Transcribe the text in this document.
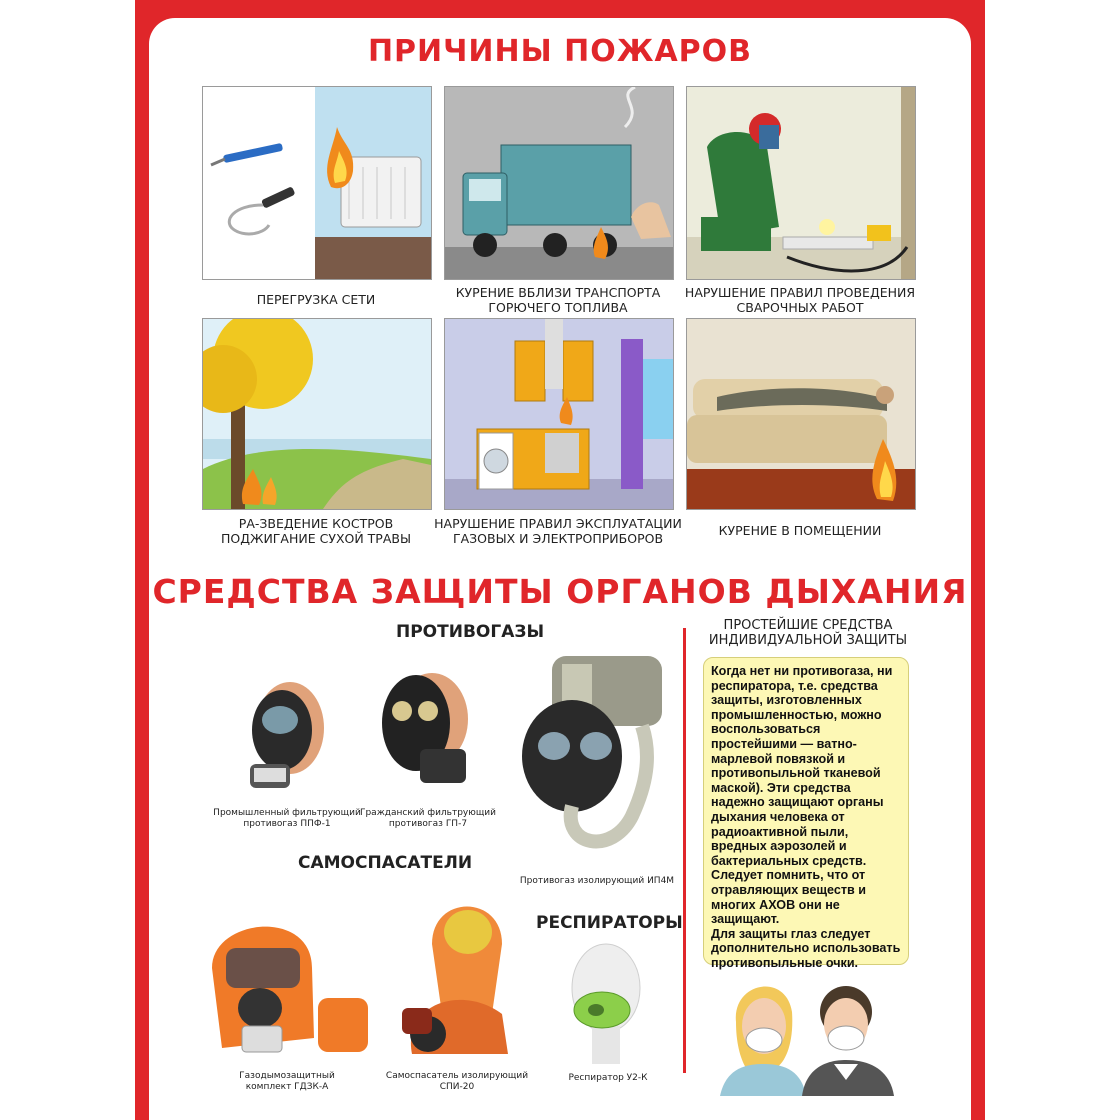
ПРИЧИНЫ ПОЖАРОВ
ПЕРЕГРУЗКА СЕТИ	КУРЕНИЕ ВБЛИЗИ ТРАНСПОРТА
ГОРЮЧЕГО ТОПЛИВА
НАРУШЕНИЕ ПРАВИЛ ПРОВЕДЕНИЯ
СВАРОЧНЫХ РАБОТ
РА-ЗВЕДЕНИЕ КОСТРОВ
ПОДЖИГАНИЕ СУХОЙ ТРАВЫ
НАРУШЕНИЕ ПРАВИЛ ЭКСПЛУАТАЦИИ
ГАЗОВЫХ И ЭЛЕКТРОПРИБОРОВ
КУРЕНИЕ В ПОМЕЩЕНИИ
СРЕДСТВА ЗАЩИТЫ ОРГАНОВ ДЫХАНИЯ
ПРОТИВОГАЗЫ
Промышленный фильтрующий
противогаз ППФ-1
Гражданский фильтрующий
противогаз ГП-7
Противогаз изолирующий ИП4М
САМОСПАСАТЕЛИ
Газодымозащитный
комплект ГДЗК-А
Самоспасатель изолирующий
СПИ-20
РЕСПИРАТОРЫ
Респиратор У2-К
ПРОСТЕЙШИЕ СРЕДСТВА
ИНДИВИДУАЛЬНОЙ ЗАЩИТЫ
Когда нет ни противогаза, ни
респиратора, т.е. средства
защиты, изготовленных
промышленностью, можно
воспользоваться
простейшими — ватно-
марлевой повязкой и
противопыльной тканевой
маской). Эти средства
надежно защищают органы
дыхания человека от
радиоактивной пыли,
вредных аэрозолей и
бактериальных средств.
Следует помнить, что от
отравляющих веществ и
многих АХОВ они не
защищают.
Для защиты глаз следует
дополнительно использовать
противопыльные очки.
